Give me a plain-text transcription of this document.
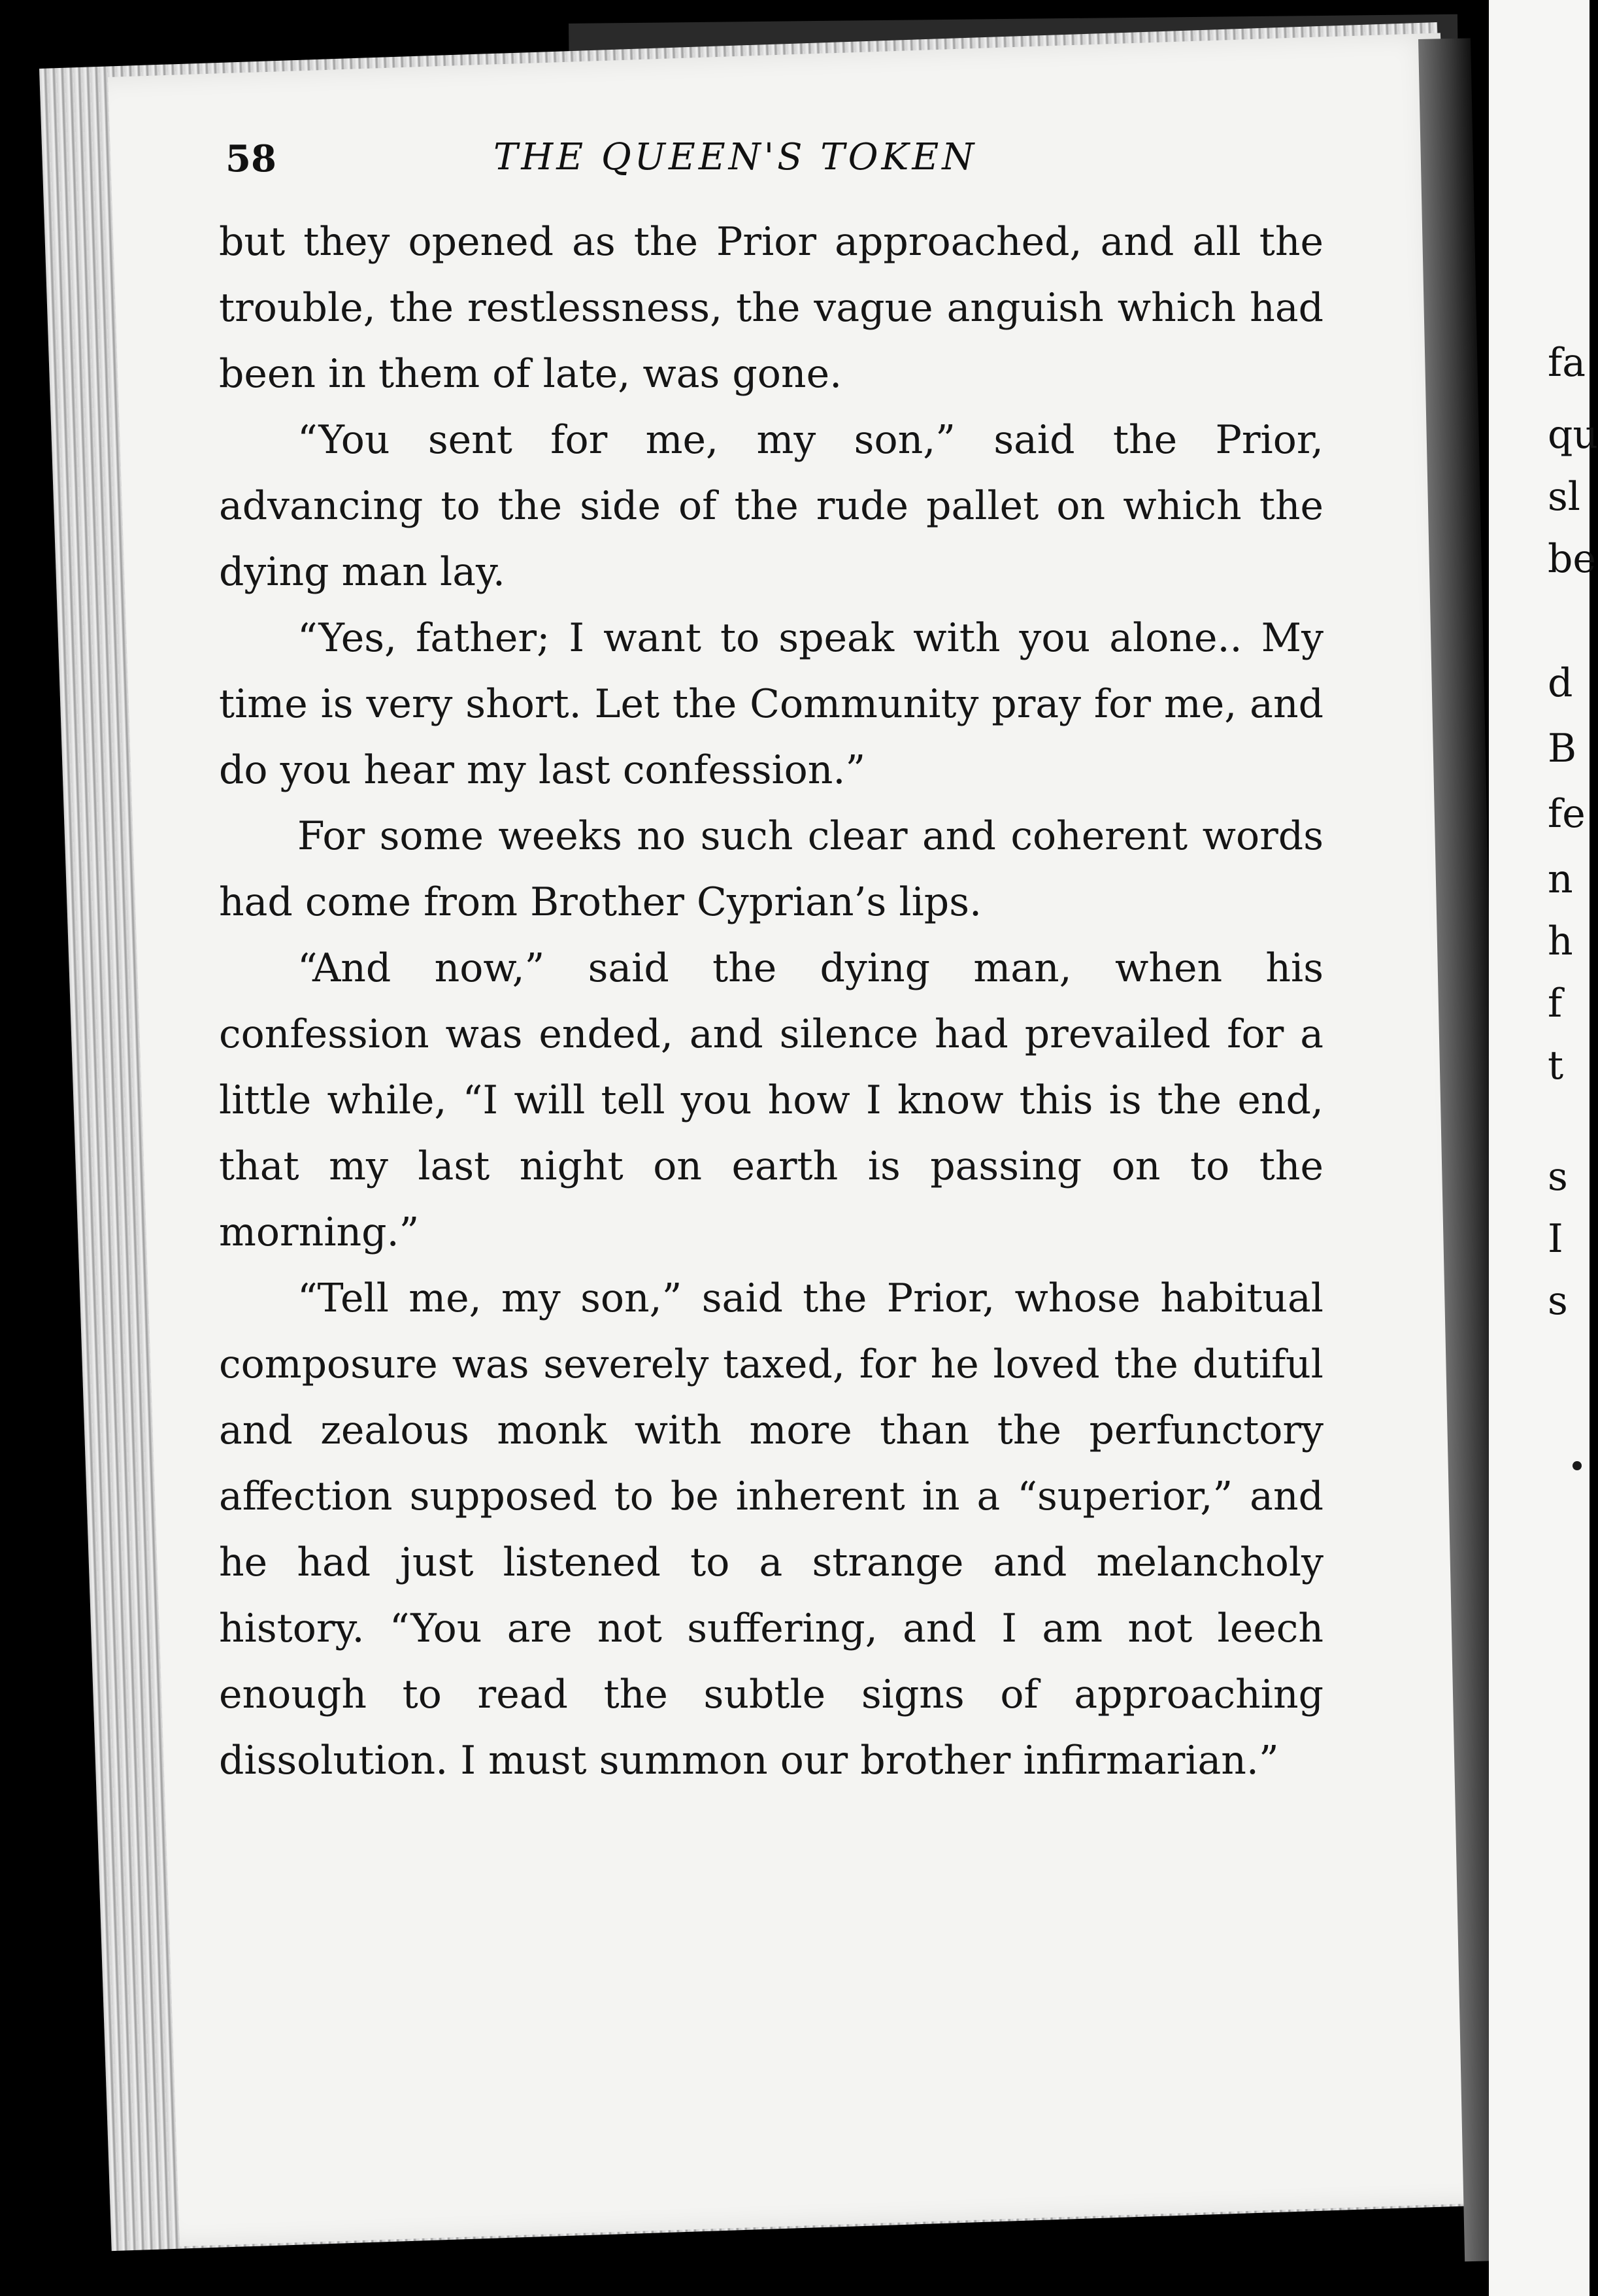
fa
qu
sl
be
d
B
fe
n
h
f
t
s
I
s
58	THE QUEEN'S TOKEN

but they opened as the Prior approached, and all the trouble, the restlessness, the vague anguish which had been in them of late, was gone.

“You sent for me, my son,” said the Prior, advancing to the side of the rude pallet on which the dying man lay.

“Yes, father; I want to speak with you alone.. My time is very short. Let the Community pray for me, and do you hear my last confession.”

For some weeks no such clear and coherent words had come from Brother Cyprian’s lips.

“And now,” said the dying man, when his confession was ended, and silence had prevailed for a little while, “I will tell you how I know this is the end, that my last night on earth is passing on to the morning.”

“Tell me, my son,” said the Prior, whose habitual composure was severely taxed, for he loved the dutiful and zealous monk with more than the perfunctory affection supposed to be inherent in a “superior,” and he had just listened to a strange and melancholy history. “You are not suffering, and I am not leech enough to read the subtle signs of approaching dissolution. I must summon our brother infirmarian.”
